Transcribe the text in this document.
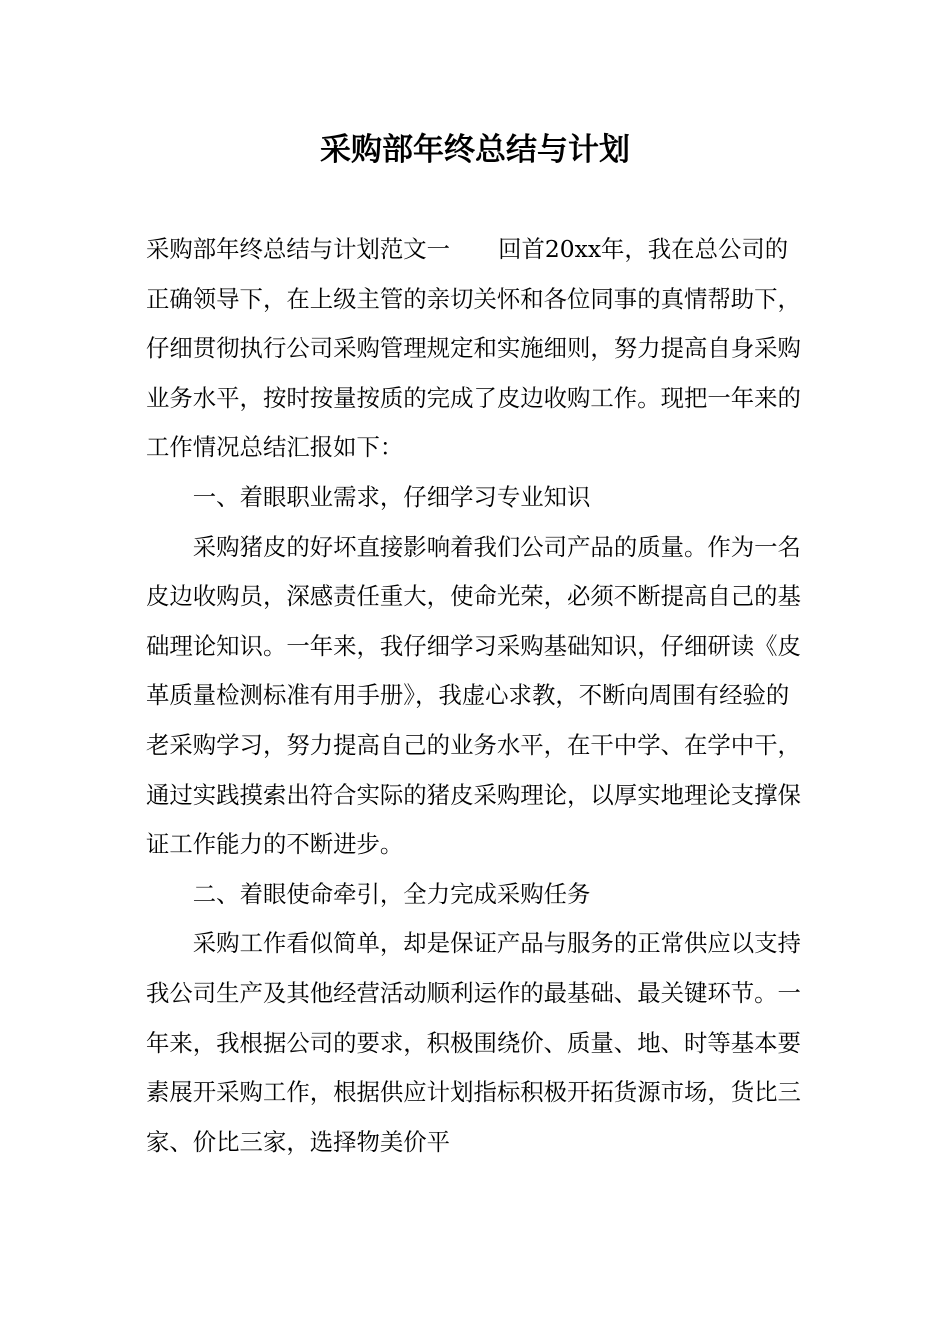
采购部年终总结与计划

采购部年终总结与计划范文一 回首20xx年，我在总公司的正确领导下，在上级主管的亲切关怀和各位同事的真情帮助下，仔细贯彻执行公司采购管理规定和实施细则，努力提高自身采购业务水平，按时按量按质的完成了皮边收购工作。现把一年来的工作情况总结汇报如下：

一、着眼职业需求，仔细学习专业知识

采购猪皮的好坏直接影响着我们公司产品的质量。作为一名皮边收购员，深感责任重大，使命光荣，必须不断提高自己的基础理论知识。一年来，我仔细学习采购基础知识，仔细研读《皮革质量检测标准有用手册》，我虚心求教，不断向周围有经验的老采购学习，努力提高自己的业务水平，在干中学、在学中干，通过实践摸索出符合实际的猪皮采购理论，以厚实地理论支撑保证工作能力的不断进步。

二、着眼使命牵引，全力完成采购任务

采购工作看似简单，却是保证产品与服务的正常供应以支持我公司生产及其他经营活动顺利运作的最基础、最关键环节。一年来，我根据公司的要求，积极围绕价、质量、地、时等基本要素展开采购工作，根据供应计划指标积极开拓货源市场，货比三家、价比三家，选择物美价平
